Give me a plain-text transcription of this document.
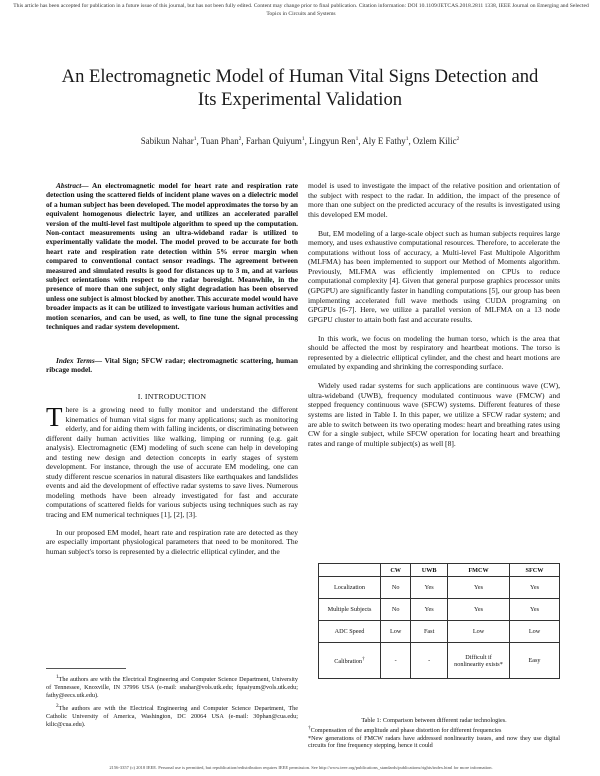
This article has been accepted for publication in a future issue of this journal, but has not been fully edited. Content may change prior to final publication. Citation information: DOI 10.1109/JETCAS.2018.2811 1338, IEEE Journal on Emerging and Selected Topics in Circuits and Systems
An Electromagnetic Model of Human Vital Signs Detection and Its Experimental Validation
Sabikun Nahar$^1$, Tuan Phan$^2$, Farhan Quiyum$^1$, Lingyun Ren$^1$, Aly E Fathy$^1$, Ozlem Kilic$^2$

Abstract— An electromagnetic model for heart rate and respiration rate detection using the scattered fields of incident plane waves on a dielectric model of a human subject has been developed. The model approximates the torso by an equivalent homogenous dielectric layer, and utilizes an accelerated parallel version of the multi-level fast multipole algorithm to speed up the computation. Non-contact measurements using an ultra-wideband radar is utilized to experimentally validate the model. The model proved to be accurate for both heart rate and respiration rate detection within 5% error margin when compared to conventional contact sensor readings. The agreement between measured and simulated results is good for distances up to 3 m, and at various subject orientations with respect to the radar boresight. Meanwhile, in the presence of more than one subject, only slight degradation has been observed unless one subject is almost blocked by another. This accurate model would have broader impacts as it can be utilized to investigate various human activities and motion scenarios, and can be used, as well, to fine tune the signal processing techniques and radar system development.

Index Terms— Vital Sign; SFCW radar; electromagnetic scattering, human ribcage model.

I. INTRODUCTION

There is a growing need to fully monitor and understand the different kinematics of human vital signs for many applications; such as monitoring elderly, and for aiding them with falling incidents, or discriminating between different daily human activities like walking, limping or running (e.g. gait analysis). Electromagnetic (EM) modeling of such scene can help in developing and testing new design and detection concepts in early stages of system development. For instance, through the use of accurate EM modeling, one can study different rescue scenarios in natural disasters like earthquakes and landslides events and aid the development of effective radar systems to save lives. Numerous modeling methods have been already investigated for fast and accurate computations of scattered fields for various subjects using techniques such as ray tracing and EM numerical techniques [1], [2], [3].

In our proposed EM model, heart rate and respiration rate are detected as they are especially important physiological parameters that need to be monitored. The human subject's torso is represented by a dielectric elliptical cylinder, and the

$^1$The authors are with the Electrical Engineering and Computer Science Department, University of Tennessee, Knoxville, IN 37996 USA (e-mail: snahar@vols.utk.edu; fquaiyum@vols.utk.edu; fathy@eecs.utk.edu).

$^2$The authors are with the Electrical Engineering and Computer Science Department, The Catholic University of America, Washington, DC 20064 USA (e-mail: 30phan@cua.edu; kilic@cua.edu).

model is used to investigate the impact of the relative position and orientation of the subject with respect to the radar. In addition, the impact of the presence of more than one subject on the predicted accuracy of the results is investigated using this developed EM model.

But, EM modeling of a large-scale object such as human subjects requires large memory, and uses exhaustive computational resources. Therefore, to accelerate the computations without loss of accuracy, a Multi-level Fast Multipole Algorithm (MLFMA) has been implemented to support our Method of Moments algorithm. Previously, MLFMA was efficiently implemented on CPUs to reduce computational complexity [4]. Given that general purpose graphics processor units (GPGPU) are significantly faster in handling computations [5], our group has been implementing accelerated full wave methods using CUDA programing on GPGPUs [6-7]. Here, we utilize a parallel version of MLFMA on a 13 node GPGPU cluster to attain both fast and accurate results.

In this work, we focus on modeling the human torso, which is the area that should be affected the most by respiratory and heartbeat motions. The torso is represented by a dielectric elliptical cylinder, and the chest and heart motions are emulated by expanding and shrinking the corresponding surface.

Widely used radar systems for such applications are continuous wave (CW), ultra-wideband (UWB), frequency modulated continuous wave (FMCW) and stepped frequency continuous wave (SFCW) systems. Different features of these systems are listed in Table I. In this paper, we utilize a SFCW radar system; and are able to switch between its two operating modes: heart and breathing rates using CW for a single subject, while SFCW operation for locating heart and breathing rates and range of multiple subject(s) as well [8].

	CW	UWB	FMCW	SFCW
Localization	No	Yes	Yes	Yes
Multiple Subjects	No	Yes	Yes	Yes
ADC Speed	Low	Fast	Low	Low
Calibration†	-	-	Difficult if nonlinearity exists*	Easy
Table 1: Comparison between different radar technologies.
†Compensation of the amplitude and phase distortion for different frequencies
*New generations of FMCW radars have addressed nonlinearity issues, and now they use digital circuits for fine frequency stepping, hence it could
2156-3357 (c) 2018 IEEE. Personal use is permitted, but republication/redistribution requires IEEE permission. See http://www.ieee.org/publications_standards/publications/rights/index.html for more information.
